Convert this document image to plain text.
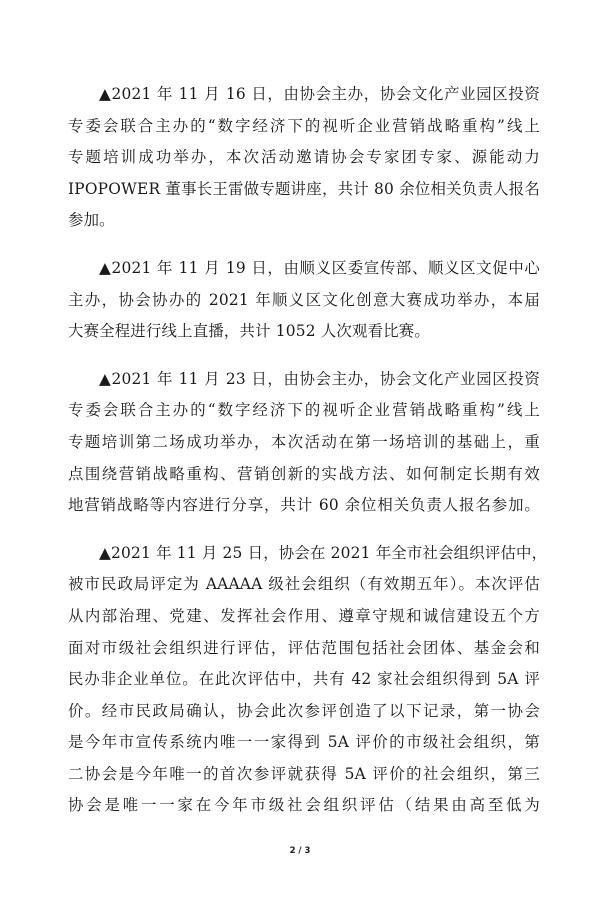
▲2021 年 11 月 16 日，由协会主办，协会文化产业园区投资
专委会联合主办的“数字经济下的视听企业营销战略重构”线上
专题培训成功举办，本次活动邀请协会专家团专家、源能动力
IPOPOWER 董事长王雷做专题讲座，共计 80 余位相关负责人报名
参加。
▲2021 年 11 月 19 日，由顺义区委宣传部、顺义区文促中心
主办，协会协办的 2021 年顺义区文化创意大赛成功举办，本届
大赛全程进行线上直播，共计 1052 人次观看比赛。
▲2021 年 11 月 23 日，由协会主办，协会文化产业园区投资
专委会联合主办的“数字经济下的视听企业营销战略重构”线上
专题培训第二场成功举办，本次活动在第一场培训的基础上，重
点围绕营销战略重构、营销创新的实战方法、如何制定长期有效
地营销战略等内容进行分享，共计 60 余位相关负责人报名参加。
▲2021 年 11 月 25 日，协会在 2021 年全市社会组织评估中，
被市民政局评定为 AAAAA 级社会组织（有效期五年）。本次评估
从内部治理、党建、发挥社会作用、遵章守规和诚信建设五个方
面对市级社会组织进行评估，评估范围包括社会团体、基金会和
民办非企业单位。在此次评估中，共有 42 家社会组织得到 5A 评
价。经市民政局确认，协会此次参评创造了以下记录，第一协会
是今年市宣传系统内唯一一家得到 5A 评价的市级社会组织，第
二协会是今年唯一的首次参评就获得 5A 评价的社会组织，第三
协会是唯一一家在今年市级社会组织评估（结果由高至低为
2 / 3
